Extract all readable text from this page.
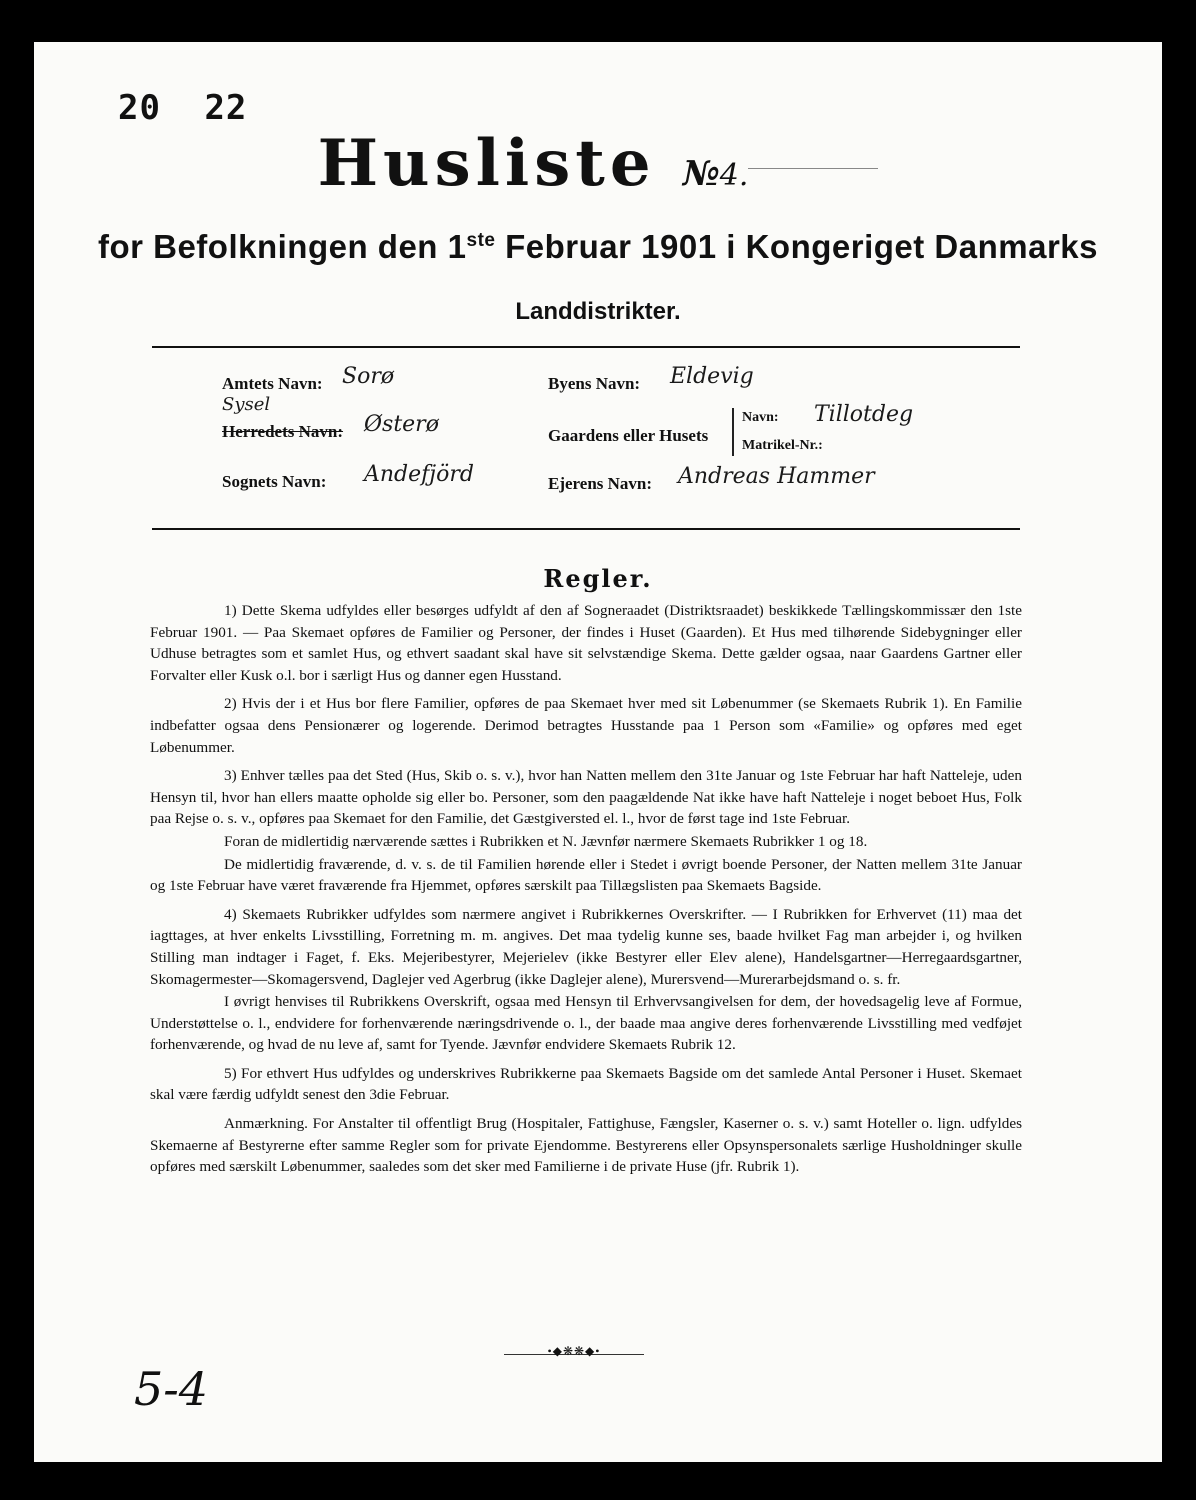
20 22
Husliste №4.
for Befolkningen den 1ste Februar 1901 i Kongeriget Danmarks
Landdistrikter.
Amtets Navn: Sorø	Byens Navn: Eldevig
Sysel
Herredets Navn: Østerø	Gaardens eller Husets
Navn: Tillotdeg
Matrikel-Nr.:
Sognets Navn: Andefjörd	Ejerens Navn: Andreas Hammer
Regler.

1) Dette Skema udfyldes eller besørges udfyldt af den af Sogneraadet (Distriktsraadet) beskikkede Tællingskommissær den 1ste Februar 1901. — Paa Skemaet opføres de Familier og Personer, der findes i Huset (Gaarden). Et Hus med tilhørende Sidebygninger eller Udhuse betragtes som et samlet Hus, og ethvert saadant skal have sit selvstændige Skema. Dette gælder ogsaa, naar Gaardens Gartner eller Forvalter eller Kusk o.l. bor i særligt Hus og danner egen Husstand.

2) Hvis der i et Hus bor flere Familier, opføres de paa Skemaet hver med sit Løbenummer (se Skemaets Rubrik 1). En Familie indbefatter ogsaa dens Pensionærer og logerende. Derimod betragtes Husstande paa 1 Person som «Familie» og opføres med eget Løbenummer.

3) Enhver tælles paa det Sted (Hus, Skib o. s. v.), hvor han Natten mellem den 31te Januar og 1ste Februar har haft Natteleje, uden Hensyn til, hvor han ellers maatte opholde sig eller bo. Personer, som den paagældende Nat ikke have haft Natteleje i noget beboet Hus, Folk paa Rejse o. s. v., opføres paa Skemaet for den Familie, det Gæstgiversted el. l., hvor de først tage ind 1ste Februar.

Foran de midlertidig nærværende sættes i Rubrikken et N. Jævnfør nærmere Skemaets Rubrikker 1 og 18.

De midlertidig fraværende, d. v. s. de til Familien hørende eller i Stedet i øvrigt boende Personer, der Natten mellem 31te Januar og 1ste Februar have været fraværende fra Hjemmet, opføres særskilt paa Tillægslisten paa Skemaets Bagside.

4) Skemaets Rubrikker udfyldes som nærmere angivet i Rubrikkernes Overskrifter. — I Rubrikken for Erhvervet (11) maa det iagttages, at hver enkelts Livsstilling, Forretning m. m. angives. Det maa tydelig kunne ses, baade hvilket Fag man arbejder i, og hvilken Stilling man indtager i Faget, f. Eks. Mejeribestyrer, Mejerielev (ikke Bestyrer eller Elev alene), Handelsgartner—Herregaardsgartner, Skomagermester—Skomagersvend, Daglejer ved Agerbrug (ikke Daglejer alene), Murersvend—Murerarbejdsmand o. s. fr.

I øvrigt henvises til Rubrikkens Overskrift, ogsaa med Hensyn til Erhvervsangivelsen for dem, der hovedsagelig leve af Formue, Understøttelse o. l., endvidere for forhenværende næringsdrivende o. l., der baade maa angive deres forhenværende Livsstilling med vedføjet forhenværende, og hvad de nu leve af, samt for Tyende. Jævnfør endvidere Skemaets Rubrik 12.

5) For ethvert Hus udfyldes og underskrives Rubrikkerne paa Skemaets Bagside om det samlede Antal Personer i Huset. Skemaet skal være færdig udfyldt senest den 3die Februar.

Anmærkning. For Anstalter til offentligt Brug (Hospitaler, Fattighuse, Fængsler, Kaserner o. s. v.) samt Hoteller o. lign. udfyldes Skemaerne af Bestyrerne efter samme Regler som for private Ejendomme. Bestyrerens eller Opsynspersonalets særlige Husholdninger skulle opføres med særskilt Løbenummer, saaledes som det sker med Familierne i de private Huse (jfr. Rubrik 1).

•◆❋❋◆•
5-4
